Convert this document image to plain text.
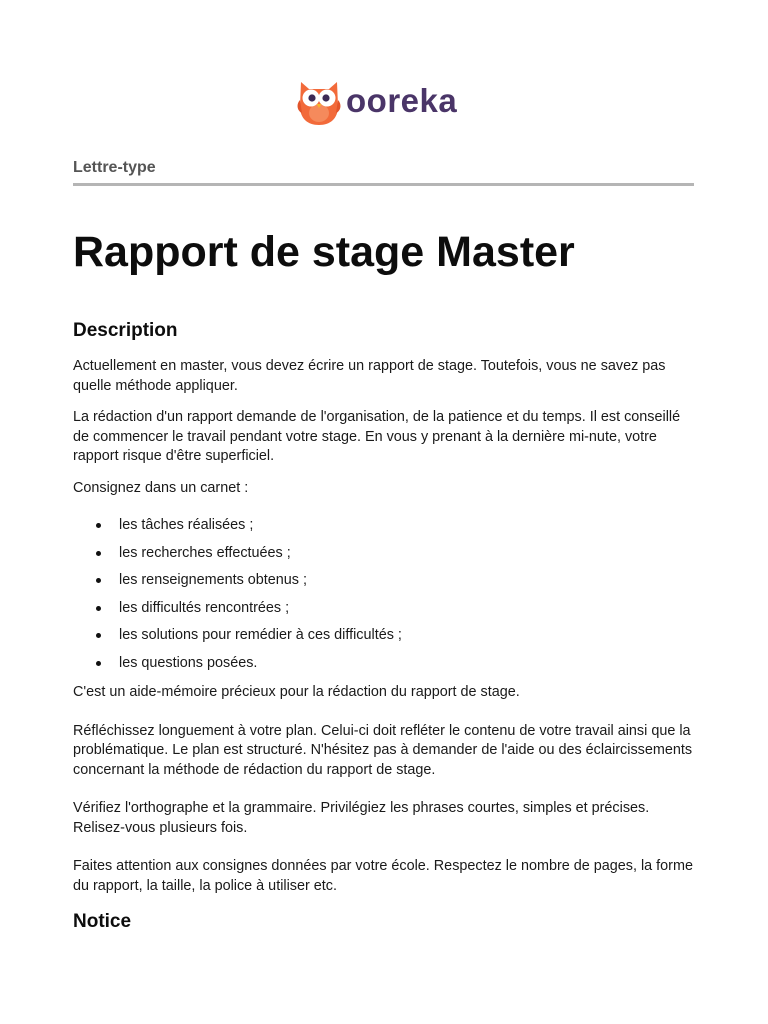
ooreka
Lettre-type
Rapport de stage Master
Description

Actuellement en master, vous devez écrire un rapport de stage. Toutefois, vous ne savez pas quelle méthode appliquer.

La rédaction d'un rapport demande de l'organisation, de la patience et du temps. Il est conseillé de commencer le travail pendant votre stage. En vous y prenant à la dernière mi-nute, votre rapport risque d'être superficiel.

Consignez dans un carnet :

les tâches réalisées ;
les recherches effectuées ;
les renseignements obtenus ;
les difficultés rencontrées ;
les solutions pour remédier à ces difficultés ;
les questions posées.

C'est un aide-mémoire précieux pour la rédaction du rapport de stage.

Réfléchissez longuement à votre plan. Celui-ci doit refléter le contenu de votre travail ainsi que la problématique. Le plan est structuré. N'hésitez pas à demander de l'aide ou des éclaircissements concernant la méthode de rédaction du rapport de stage.

Vérifiez l'orthographe et la grammaire. Privilégiez les phrases courtes, simples et précises. Relisez-vous plusieurs fois.

Faites attention aux consignes données par votre école. Respectez le nombre de pages, la forme du rapport, la taille, la police à utiliser etc.

Notice
